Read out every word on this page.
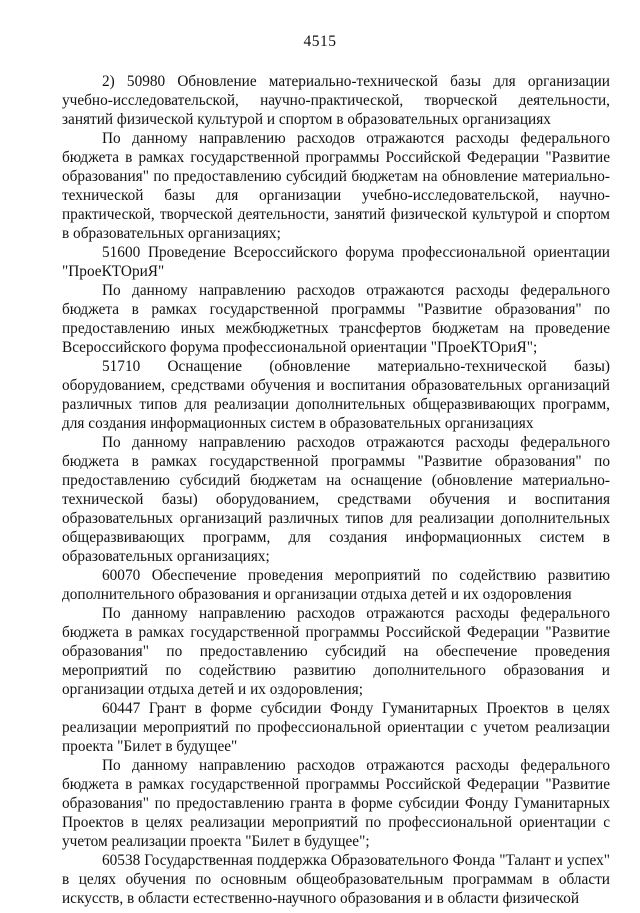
4515

2) 50980 Обновление материально-технической базы для организации учебно-исследовательской, научно-практической, творческой деятельности, занятий физической культурой и спортом в образовательных организациях

По данному направлению расходов отражаются расходы федерального бюджета в рамках государственной программы Российской Федерации "Развитие образования" по предоставлению субсидий бюджетам на обновление материально-технической базы для организации учебно-исследовательской, научно-практической, творческой деятельности, занятий физической культурой и спортом в образовательных организациях;

51600 Проведение Всероссийского форума профессиональной ориентации "ПроеКТОриЯ"

По данному направлению расходов отражаются расходы федерального бюджета в рамках государственной программы "Развитие образования" по предоставлению иных межбюджетных трансфертов бюджетам на проведение Всероссийского форума профессиональной ориентации "ПроеКТОриЯ";

51710 Оснащение (обновление материально-технической базы) оборудованием, средствами обучения и воспитания образовательных организаций различных типов для реализации дополнительных общеразвивающих программ, для создания информационных систем в образовательных организациях

По данному направлению расходов отражаются расходы федерального бюджета в рамках государственной программы "Развитие образования" по предоставлению субсидий бюджетам на оснащение (обновление материально-технической базы) оборудованием, средствами обучения и воспитания образовательных организаций различных типов для реализации дополнительных общеразвивающих программ, для создания информационных систем в образовательных организациях;

60070 Обеспечение проведения мероприятий по содействию развитию дополнительного образования и организации отдыха детей и их оздоровления

По данному направлению расходов отражаются расходы федерального бюджета в рамках государственной программы Российской Федерации "Развитие образования" по предоставлению субсидий на обеспечение проведения мероприятий по содействию развитию дополнительного образования и организации отдыха детей и их оздоровления;

60447 Грант в форме субсидии Фонду Гуманитарных Проектов в целях реализации мероприятий по профессиональной ориентации с учетом реализации проекта "Билет в будущее"

По данному направлению расходов отражаются расходы федерального бюджета в рамках государственной программы Российской Федерации "Развитие образования" по предоставлению гранта в форме субсидии Фонду Гуманитарных Проектов в целях реализации мероприятий по профессиональной ориентации с учетом реализации проекта "Билет в будущее";

60538 Государственная поддержка Образовательного Фонда "Талант и успех" в целях обучения по основным общеобразовательным программам в области искусств, в области естественно-научного образования и в области физической
